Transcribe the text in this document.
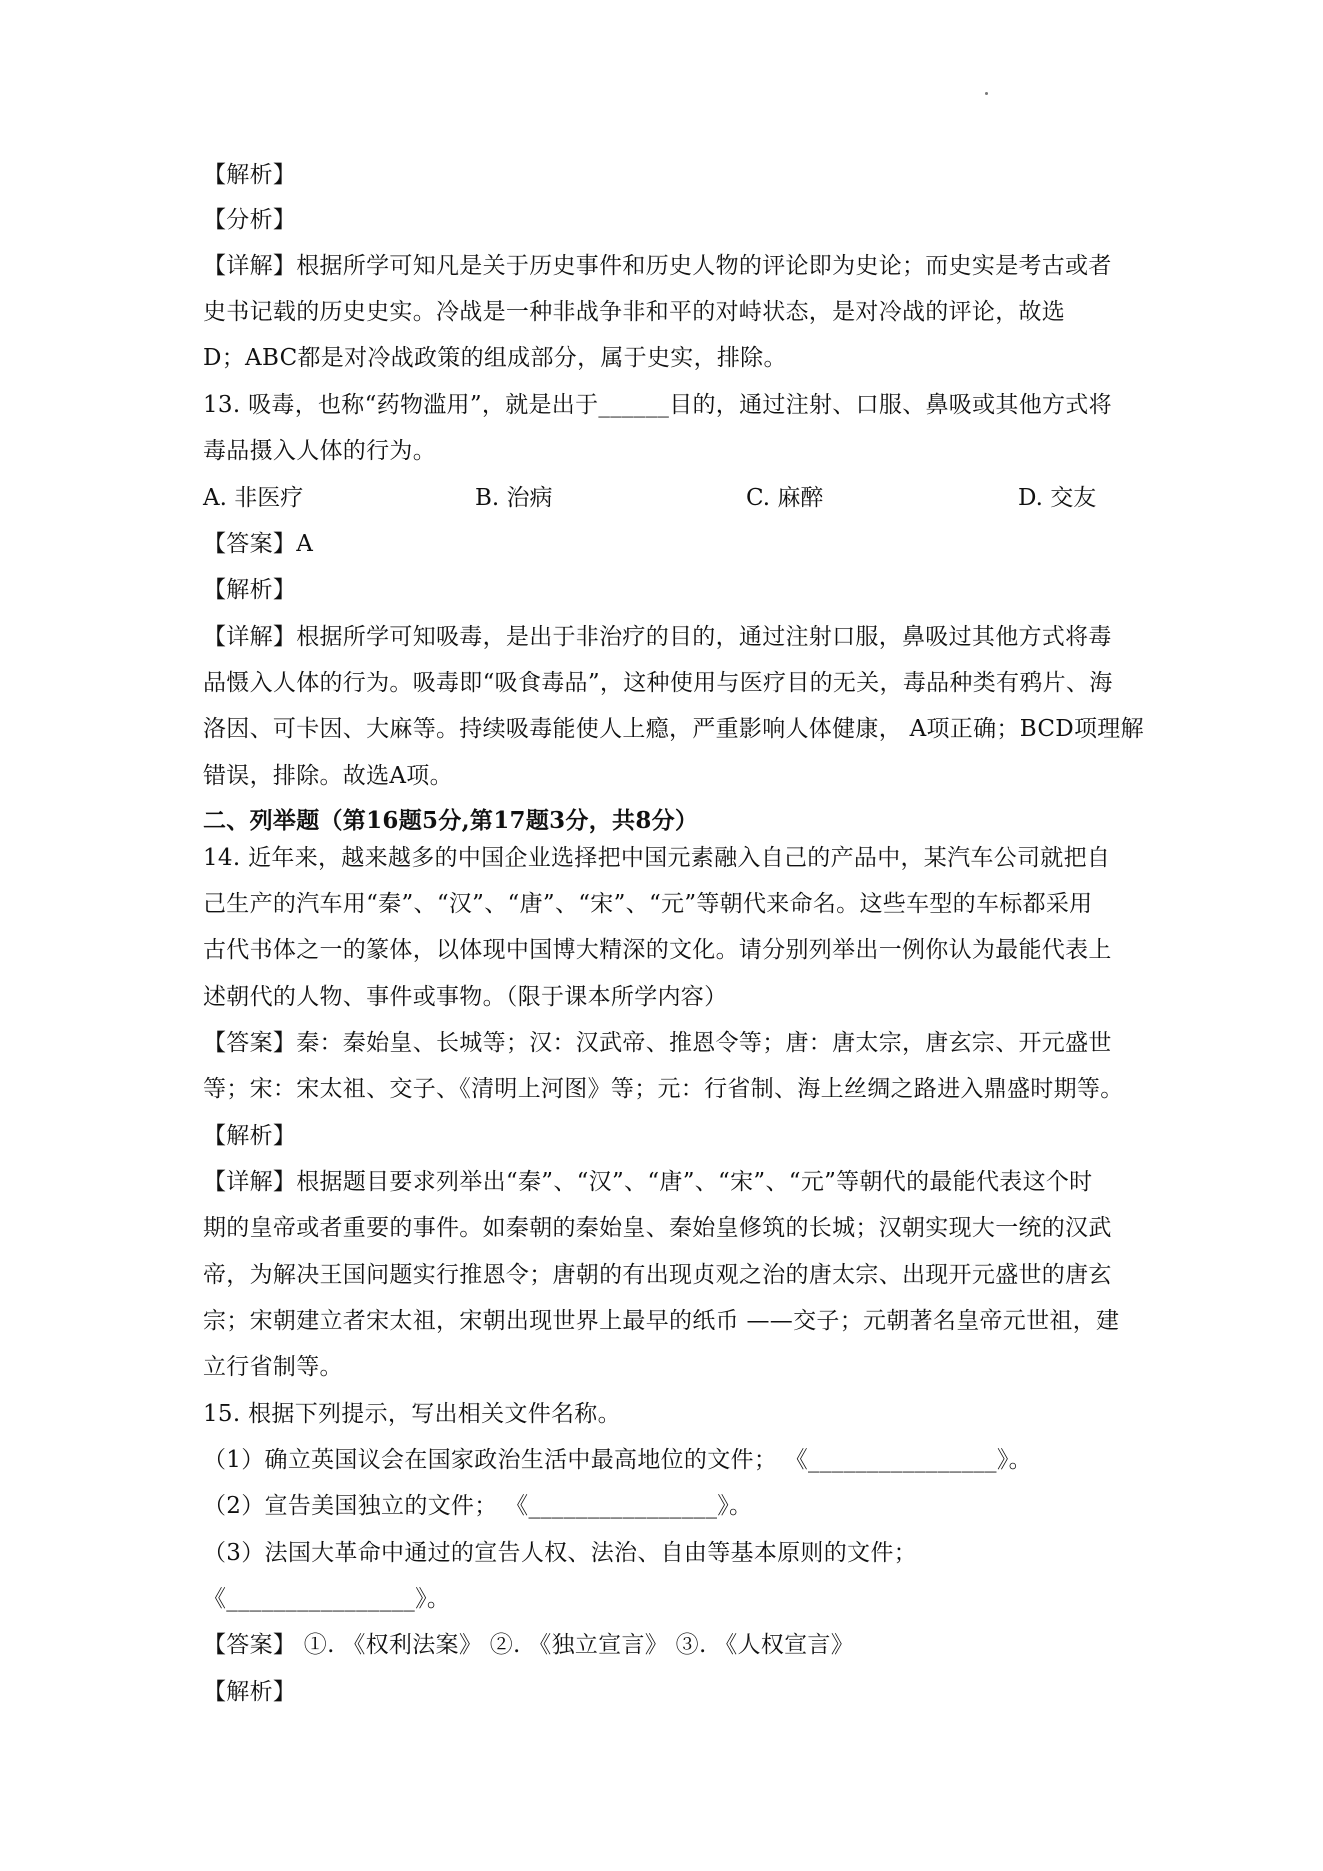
【解析】
【分析】
【详解】根据所学可知凡是关于历史事件和历史人物的评论即为史论；而史实是考古或者
史书记载的历史史实。冷战是一种非战争非和平的对峙状态，是对冷战的评论，故选
D；ABC都是对冷战政策的组成部分，属于史实，排除。
13. 吸毒，也称“药物滥用”，就是出于______目的，通过注射、口服、鼻吸或其他方式将
毒品摄入人体的行为。
A. 非医疗	B. 治病	C. 麻醉	D. 交友
【答案】A
【解析】
【详解】根据所学可知吸毒，是出于非治疗的目的，通过注射口服，鼻吸过其他方式将毒
品慑入人体的行为。吸毒即“吸食毒品”，这种使用与医疗目的无关，毒品种类有鸦片、海
洛因、可卡因、大麻等。持续吸毒能使人上瘾，严重影响人体健康， A项正确；BCD项理解
错误，排除。故选A项。
二、列举题（第16题5分,第17题3分，共8分）
14. 近年来，越来越多的中国企业选择把中国元素融入自己的产品中，某汽车公司就把自
己生产的汽车用“秦”、“汉”、“唐”、“宋”、“元”等朝代来命名。这些车型的车标都采用
古代书体之一的篆体，以体现中国博大精深的文化。请分别列举出一例你认为最能代表上
述朝代的人物、事件或事物。（限于课本所学内容）
【答案】秦：秦始皇、长城等；汉：汉武帝、推恩令等；唐：唐太宗，唐玄宗、开元盛世
等；宋：宋太祖、交子、《清明上河图》等；元：行省制、海上丝绸之路进入鼎盛时期等。
【解析】
【详解】根据题目要求列举出“秦”、“汉”、“唐”、“宋”、“元”等朝代的最能代表这个时
期的皇帝或者重要的事件。如秦朝的秦始皇、秦始皇修筑的长城；汉朝实现大一统的汉武
帝，为解决王国问题实行推恩令；唐朝的有出现贞观之治的唐太宗、出现开元盛世的唐玄
宗；宋朝建立者宋太祖，宋朝出现世界上最早的纸币 ——交子；元朝著名皇帝元世祖，建
立行省制等。
15. 根据下列提示，写出相关文件名称。
（1）确立英国议会在国家政治生活中最高地位的文件； 《________________》。
（2）宣告美国独立的文件； 《________________》。
（3）法国大革命中通过的宣告人权、法治、自由等基本原则的文件；
《________________》。
【答案】 ①. 《权利法案》 ②. 《独立宣言》 ③. 《人权宣言》
【解析】
